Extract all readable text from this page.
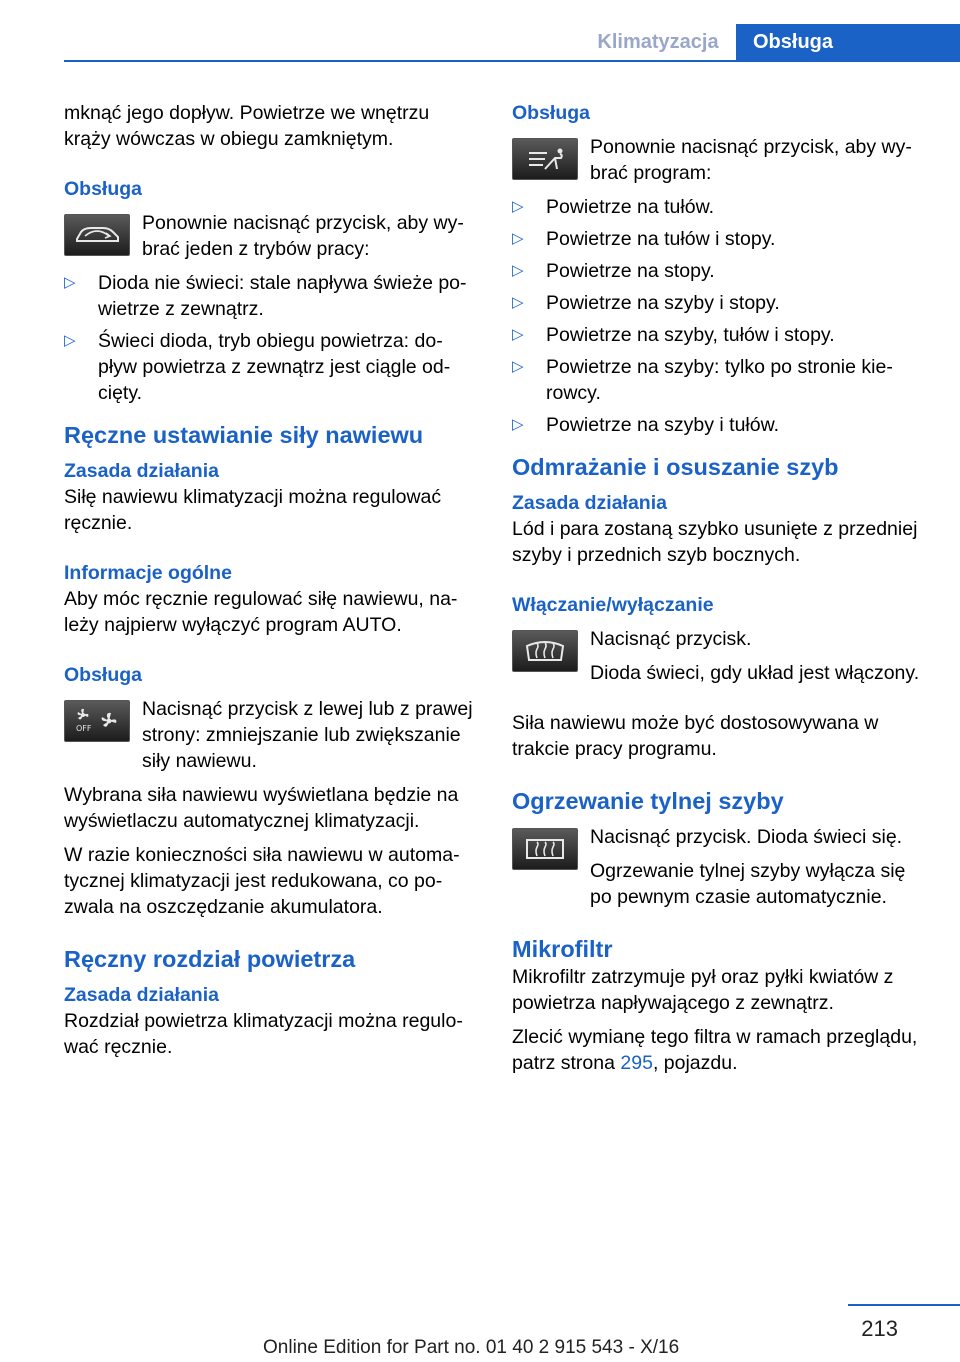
Klimatyzacja	Obsługa

mknąć jego dopływ. Powietrze we wnętrzu krąży wówczas w obiegu zamkniętym.

Obsługa

Ponownie nacisnąć przycisk, aby wy‐brać jeden z trybów pracy:

▷	Dioda nie świeci: stale napływa świeże po‐wietrze z zewnątrz.
▷	Świeci dioda, tryb obiegu powietrza: do‐pływ powietrza z zewnątrz jest ciągle od‐cięty.
Ręczne ustawianie siły nawiewu
Zasada działania

Siłę nawiewu klimatyzacji można regulować ręcznie.

Informacje ogólne

Aby móc ręcznie regulować siłę nawiewu, na‐leży najpierw wyłączyć program AUTO.

Obsługa
OFF

Nacisnąć przycisk z lewej lub z prawej strony: zmniejszanie lub zwiększanie siły nawiewu.

Wybrana siła nawiewu wyświetlana będzie na wyświetlaczu automatycznej klimatyzacji.

W razie konieczności siła nawiewu w automa‐tycznej klimatyzacji jest redukowana, co po‐zwala na oszczędzanie akumulatora.

Ręczny rozdział powietrza
Zasada działania

Rozdział powietrza klimatyzacji można regulo‐wać ręcznie.

Obsługa

Ponownie nacisnąć przycisk, aby wy‐brać program:

▷	Powietrze na tułów.
▷	Powietrze na tułów i stopy.
▷	Powietrze na stopy.
▷	Powietrze na szyby i stopy.
▷	Powietrze na szyby, tułów i stopy.
▷	Powietrze na szyby: tylko po stronie kie‐rowcy.
▷	Powietrze na szyby i tułów.
Odmrażanie i osuszanie szyb
Zasada działania

Lód i para zostaną szybko usunięte z przedniej szyby i przednich szyb bocznych.

Włączanie/wyłączanie

Nacisnąć przycisk.

Dioda świeci, gdy układ jest włączony.

Siła nawiewu może być dostosowywana w trakcie pracy programu.

Ogrzewanie tylnej szyby

Nacisnąć przycisk. Dioda świeci się.

Ogrzewanie tylnej szyby wyłącza się po pewnym czasie automatycznie.

Mikrofiltr

Mikrofiltr zatrzymuje pył oraz pyłki kwiatów z powietrza napływającego z zewnątrz.

Zlecić wymianę tego filtra w ramach przeglądu, patrz strona 295, pojazdu.

213
Online Edition for Part no. 01 40 2 915 543 - X/16
